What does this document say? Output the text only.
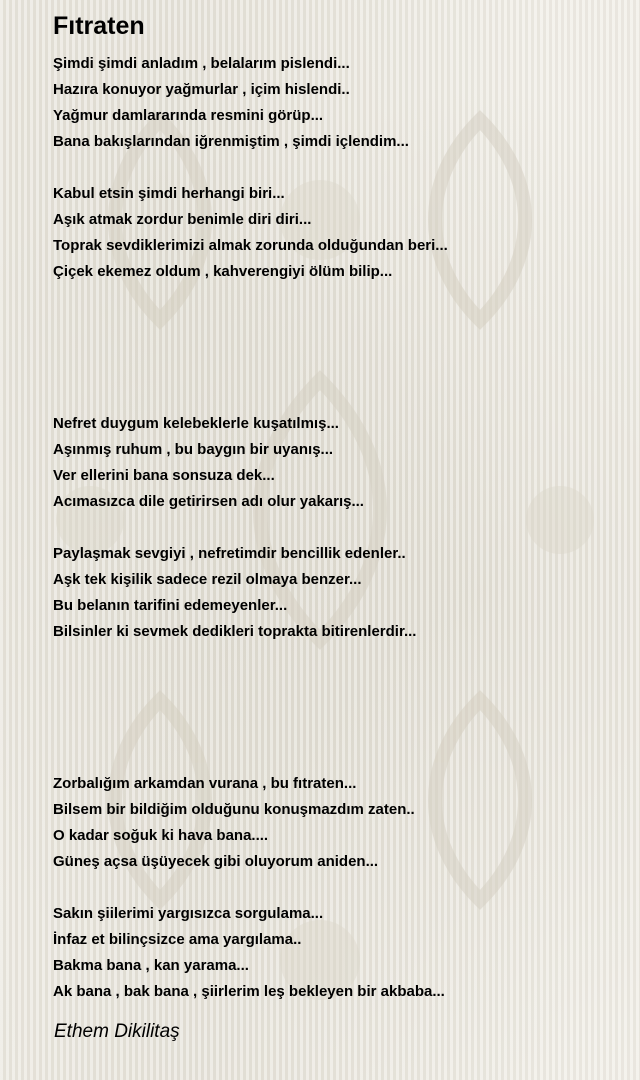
Fıtraten
Şimdi şimdi anladım , belalarım pislendi...
Hazıra konuyor yağmurlar , içim hislendi..
Yağmur damlararında resmini görüp...
Bana bakışlarından iğrenmiştim , şimdi içlendim...
Kabul etsin şimdi herhangi biri...
Aşık atmak zordur benimle diri diri...
Toprak sevdiklerimizi almak zorunda olduğundan beri...
Çiçek ekemez oldum , kahverengiyi ölüm bilip...
Nefret duygum kelebeklerle kuşatılmış...
Aşınmış ruhum , bu baygın bir uyanış...
Ver ellerini bana sonsuza dek...
Acımasızca dile getirirsen adı olur yakarış...
Paylaşmak sevgiyi , nefretimdir bencillik edenler..
Aşk tek kişilik sadece rezil olmaya benzer...
Bu belanın tarifini edemeyenler...
Bilsinler ki sevmek dedikleri toprakta bitirenlerdir...
Zorbalığım arkamdan vurana , bu fıtraten...
Bilsem bir bildiğim olduğunu konuşmazdım zaten..
O kadar soğuk ki hava bana....
Güneş açsa üşüyecek gibi oluyorum aniden...
Sakın şiilerimi yargısızca sorgulama...
İnfaz et bilinçsizce ama yargılama..
Bakma bana , kan yarama...
Ak bana , bak bana , şiirlerim leş bekleyen bir akbaba...
Ethem Dikilitaş
